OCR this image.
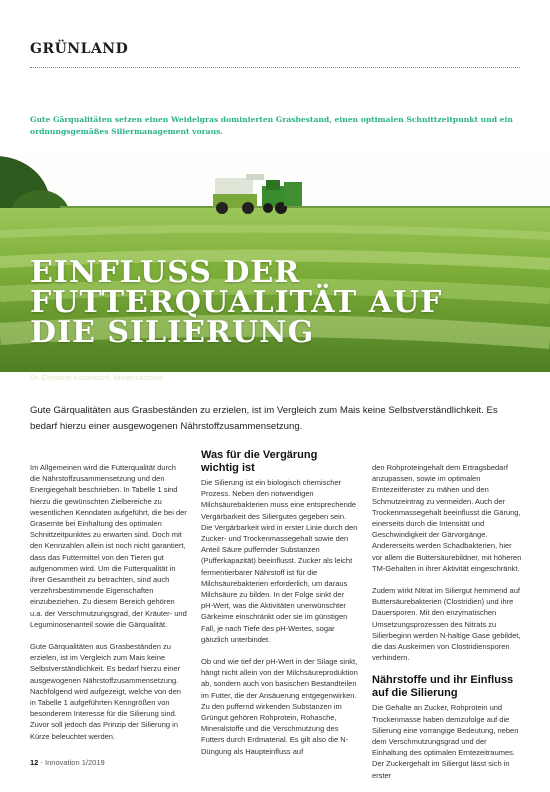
GRÜNLAND
Gute Gärqualitäten setzen einen Weidelgras dominierten Grasbestand, einen optimalen Schnittzeitpunkt und ein ordnungsgemäßes Siliermanagement voraus.
EINFLUSS DER
FUTTERQUALITÄT AUF
DIE SILIERUNG
Dr. Christine Kalzendorf, Niedersachsen
Gute Gärqualitäten aus Grasbeständen zu erzielen, ist im Vergleich zum Mais keine Selbstverständlichkeit. Es bedarf hierzu einer ausgewogenen Nährstoffzusammensetzung.

Im Allgemeinen wird die Futterqualität durch die Nährstoffzusammensetzung und den Energiegehalt beschrieben. In Tabelle 1 sind hierzu die gewünschten Zielbereiche zu wesentlichen Kenndaten aufgeführt, die bei der Grasernte bei Einhaltung des optimalen Schnittzeitpunktes zu erwarten sind. Doch mit den Kennzahlen allein ist noch nicht garantiert, dass das Futtermittel von den Tieren gut aufgenommen wird. Um die Futterqualität in ihrer Gesamtheit zu betrachten, sind auch verzehrsbestimmende Eigenschaften einzubeziehen. Zu diesem Bereich gehören u.a. der Verschmutzungsgrad, der Kräuter- und Leguminosenanteil sowie die Gärqualität.

Gute Gärqualitäten aus Grasbeständen zu erzielen, ist im Vergleich zum Mais keine Selbstverständlichkeit. Es bedarf hierzu einer ausgewogenen Nährstoffzusammensetzung. Nachfolgend wird aufgezeigt, welche von den in Tabelle 1 aufgeführten Kenngrößen von besonderem Interesse für die Silierung sind. Zuvor soll jedoch das Prinzip der Silierung in Kürze beleuchtet werden.

Was für die Vergärung wichtig ist

Die Silierung ist ein biologisch chemischer Prozess. Neben den notwendigen Milchsäurebakterien muss eine entsprechende Vergärbarkeit des Siliergutes gegeben sein. Die Vergärbarkeit wird in erster Linie durch den Zucker- und Trockenmassegehalt sowie den Anteil Säure puffernder Substanzen (Pufferkapazität) beeinflusst. Zucker als leicht fermentierbarer Nährstoff ist für die Milchsäurebakterien erforderlich, um daraus Milchsäure zu bilden. In der Folge sinkt der pH-Wert, was die Aktivitäten unerwünschter Gärkeime einschränkt oder sie im günstigen Fall, je nach Tiefe des pH-Wertes, sogar gänzlich unterbindet.

Ob und wie tief der pH-Wert in der Silage sinkt, hängt nicht allein von der Milchsäureproduktion ab, sondern auch von basischen Bestandteilen im Futter, die der Ansäuerung entgegenwirken. Zu den puffernd wirkenden Substanzen im Grüngut gehören Rohprotein, Rohasche, Mineralstoffe und die Verschmutzung des Futters durch Erdmaterial. Es gilt also die N-Düngung als Haupteinfluss auf

den Rohproteingehalt dem Ertragsbedarf anzupassen, sowie im optimalen Erntezeitfenster zu mähen und den Schmutzeintrag zu vermeiden. Auch der Trockenmassegehalt beeinflusst die Gärung, einerseits durch die Intensität und Geschwindigkeit der Gärvorgänge. Andererseits werden Schadbakterien, hier vor allem die Buttersäurebildner, mit höheren TM-Gehalten in ihrer Aktivität eingeschränkt.

Zudem wirkt Nitrat im Siliergut hemmend auf Buttersäurebakterien (Clostridien) und ihre Dauersporen. Mit den enzymatischen Umsetzungsprozessen des Nitrats zu Silierbeginn werden N-haltige Gase gebildet, die das Auskeimen von Clostridiensporen verhindern.

Nährstoffe und ihr Einfluss auf die Silierung

Die Gehalte an Zucker, Rohprotein und Trockenmasse haben demzufolge auf die Silierung eine vorrangige Bedeutung, neben dem Verschmutzungsgrad und der Einhaltung des optimalen Erntezeitraumes. Der Zuckergehalt im Siliergut lässt sich in erster

12 · Innovation 1/2019
